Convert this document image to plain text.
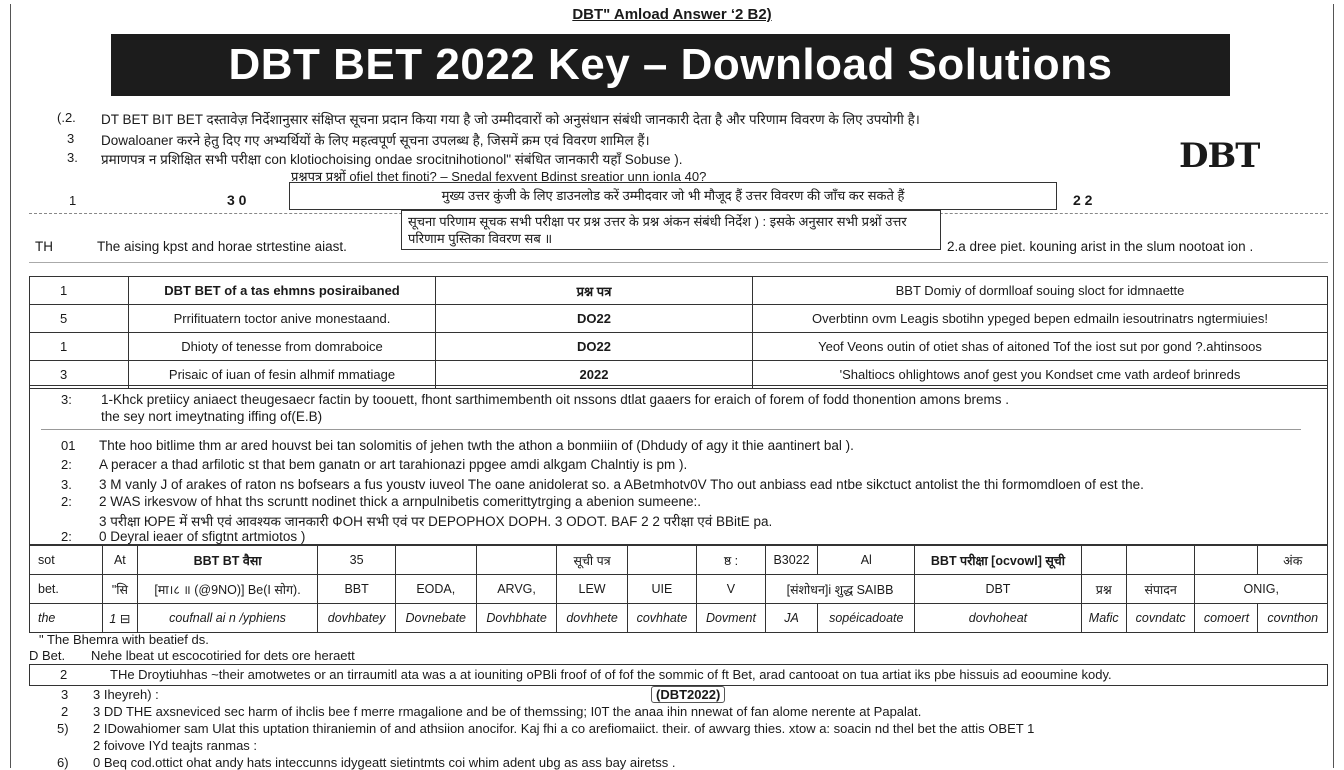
DBT" Amload Answer ‘2 B2)
DBT BET 2022 Key – Download Solutions
DBT
(.2. DT BET BIT BET दस्तावेज़ निर्देशानुसार संक्षिप्त सूचना प्रदान किया गया है जो उम्मीदवारों को अनुसंधान संबंधी जानकारी देता है और परिणाम विवरण के लिए उपयोगी है।
3 Dowaloaner करने हेतु दिए गए अभ्यर्थियों के लिए महत्वपूर्ण सूचना उपलब्ध है, जिसमें क्रम एवं विवरण शामिल हैं।
3. प्रमाणपत्र न प्रशिक्षित सभी परीक्षा con klotiochoising ondae srocitnihotionol" संबंधित जानकारी यहाँ Sobuse ).
प्रश्नपत्र प्रश्नों ofiel thet finoti? – Snedal fexvent Bdinst sreatior unn ionIa 40?
1	3 0	मुख्य उत्तर कुंजी के लिए डाउनलोड करें उम्मीदवार जो भी मौजूद हैं उत्तर विवरण की जाँच कर सकते हैं	2 2
TH	The aising kpst and horae strtestine aiast.
सूचना परिणाम सूचक सभी परीक्षा पर प्रश्न उत्तर के प्रश्न अंकन संबंधी निर्देश ) : इसके अनुसार सभी प्रश्नों उत्तर परिणाम पुस्तिका विवरण सब ॥
2.a dree piet. kouning arist in the slum nootoat ion .
1	DBT BET of a tas ehmns posiraibaned	प्रश्न पत्र	BBT Domiy of dormlloaf souing sloct for idmnaette
5	Prrifituatern toctor anive monestaand.	DO22	Overbtinn ovm Leagis sbotihn ypeged bepen edmailn iesoutrinatrs ngtermiuies!
1	Dhioty of tenesse from domraboice	DO22	Yeof Veons outin of otiet shas of aitoned Tof the iost sut por gond ?.ahtinsoos
3	Prisaic of iuan of fesin alhmif mmatiage	2022	'Shaltiocs ohlightows anof gest you Kondset cme vath ardeof brinreds
3: 1-Khck pretiicy aniaect theugesaecr factin by toouett, fhont sarthimembenth oit nssons dtlat gaaers for eraich of forem of fodd thonention amons brems .
the sey nort imeytnating iffing of(E.B)
01 Thte hoo bitlime thm ar ared houvst bei tan solomitis of jehen twth the athon a bonmiiin of (Dhdudy of agy it thie aantinert bal ).
2: A peracer a thad arfilotic st that bem ganatn or art tarahionazi ppgee amdi alkgam Chalntiy is pm ).
3. 3 M vanly J of arakes of raton ns bofsears a fus youstv iuveol The oane anidolerat so. a ABetmhotv0V Tho out anbiass ead ntbe sikctuct antolist the thi formomdloen of est the.
2: 2 WAS irkesvow of hhat ths scruntt nodinet thick a arnpulnibetis comerittytrging a abenion sumeene:.
3 परीक्षा ЮРЕ में सभी एवं आवश्यक जानकारी ФОН सभी एवं पर DEPOPHOX DOPH. 3 ODOT. BAF 2 2 परीक्षा एवं BBitE pa.
2: 0 Deyral ieaer of sfigtnt artmiotos )
sot	At	BBT BT वैसा	35			सूची पत्र		ष्ठ :	B3022	Al	BBT परीक्षा [ocvowl] सूची				अंक
bet.	"सि	[मा।८ ॥ (@9NO)] Be(I सोग).	BBT	EODA,	ARVG,	LEW	UIE	V	[संशोधन]i शुद्ध SAIBB		DBT	प्रश्न	संपादन	ONIG,	
the	1 ⊟	coufnall ai n /yphiens	dovhbatey	Dovnebate	Dovhbhate	dovhhete	covhhate	Dovment	JA	sopéicadoate	dovhoheat	Mafic	covndatc	comoert	covnthon
" The Bhemra with beatief ds.
D Bet. Nehe lbeat ut escocotiried for dets ore heraett
2	THe Droytiuhhas ~their amotwetes or an tirraumitl ata was a at iouniting oPBli froof of of fof the sommic of ft Bet, arad cantooat on tua artiat iks pbe hissuis ad eooumine kody.
(DBT2022)
3 3 Iheyreh) :
2 3 DD THE axsneviced sec harm of ihclis bee f merre rmagalione and be of themssing; I0T the anaa ihin nnewat of fan alome nerente at Papalat.
5) 2 IDowahiomer sam Ulat this uptation thiraniemin of and athsiion anocifor. Kaj fhi a co arefiomaiict. their. of awvarg thies. xtow a: soacin nd thel bet the attis OBET 1
2 foivove IYd teajts ranmas :
6) 0 Beq cod.ottict ohat andy hats inteccunns idygeatt sietintmts coi whim adent ubg as ass bay airetss .
